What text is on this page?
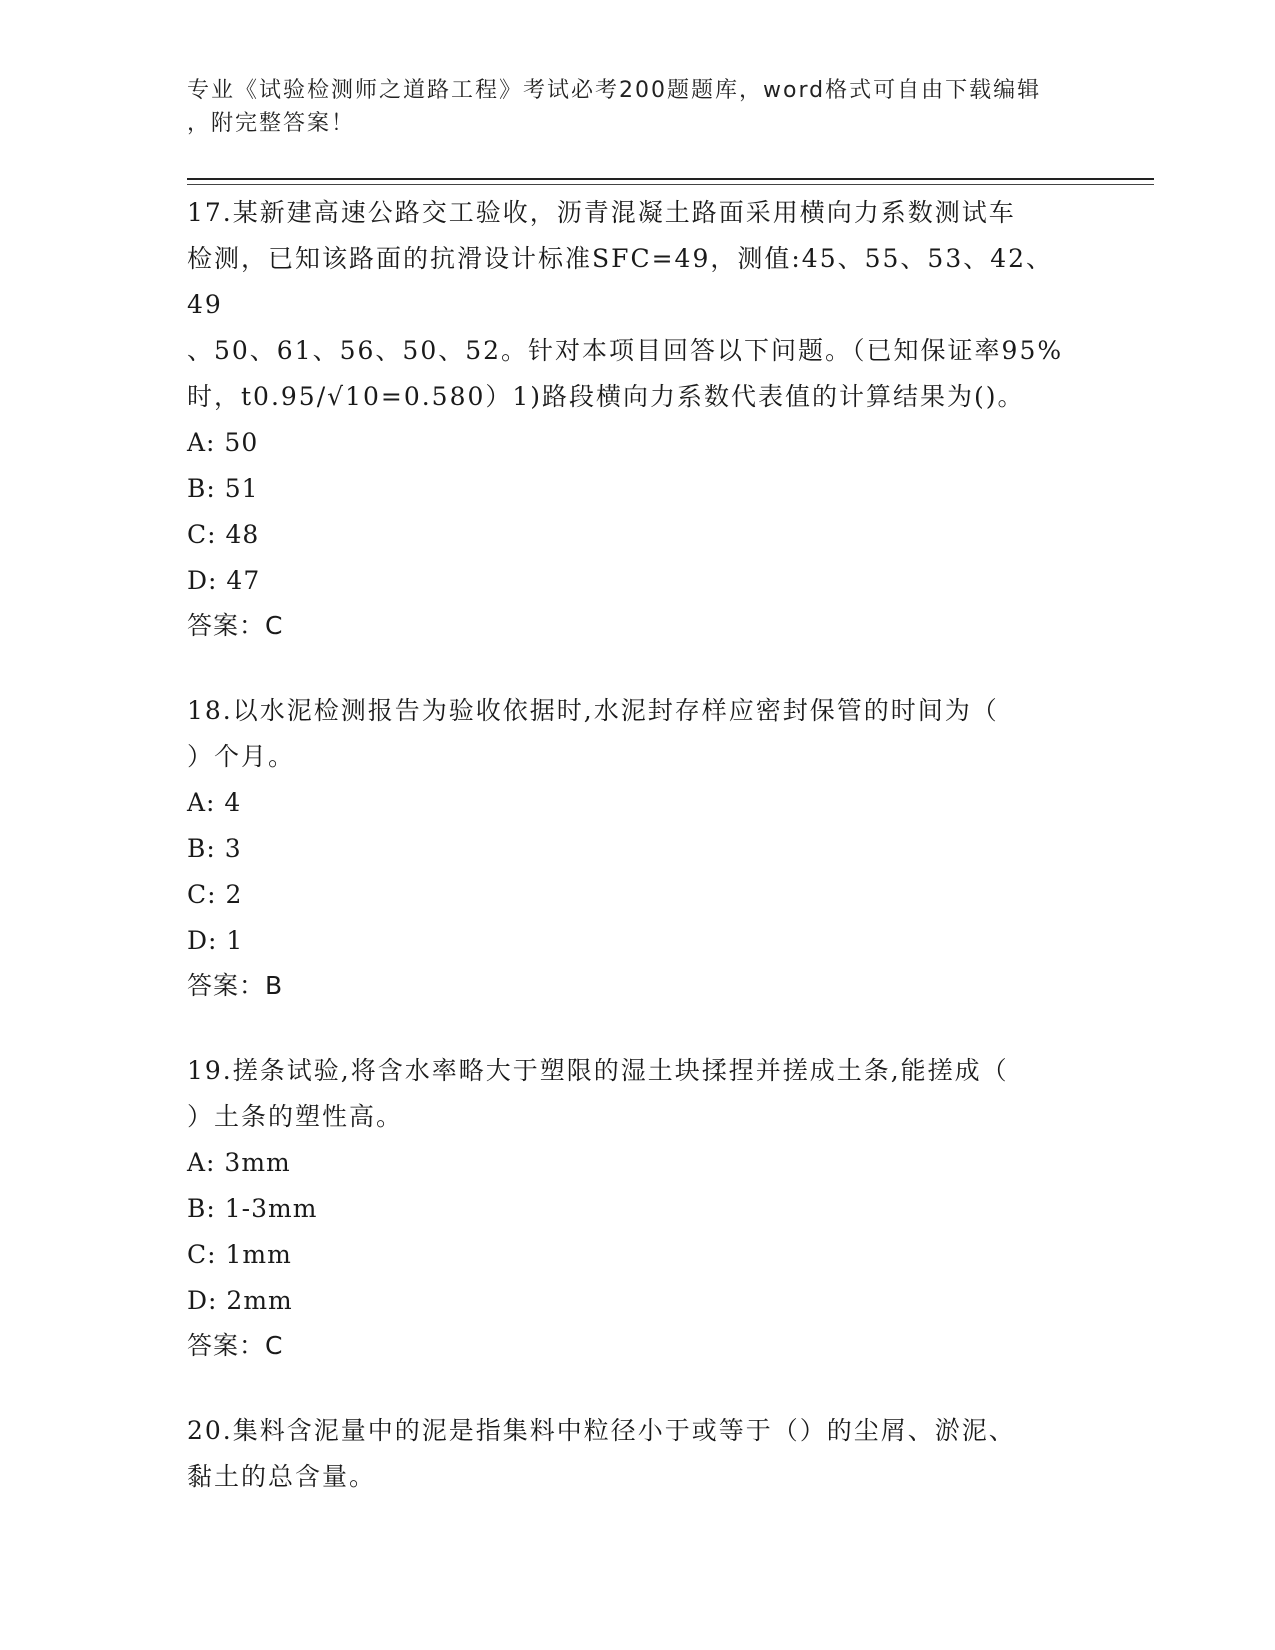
专业《试验检测师之道路工程》考试必考200题题库，word格式可自由下载编辑
，附完整答案！

17.某新建高速公路交工验收，沥青混凝土路面采用横向力系数测试车

检测，已知该路面的抗滑设计标准SFC=49，测值:45、55、53、42、49

、50、61、56、50、52。针对本项目回答以下问题。（已知保证率95%

时，t0.95/√10=0.580）1)路段横向力系数代表值的计算结果为()。

A: 50

B: 51

C: 48

D: 47

答案：C

18.以水泥检测报告为验收依据时,水泥封存样应密封保管的时间为（

）个月。

A: 4

B: 3

C: 2

D: 1

答案：B

19.搓条试验,将含水率略大于塑限的湿土块揉捏并搓成土条,能搓成（

）土条的塑性高。

A: 3mm

B: 1-3mm

C: 1mm

D: 2mm

答案：C

20.集料含泥量中的泥是指集料中粒径小于或等于（）的尘屑、淤泥、

黏土的总含量。
